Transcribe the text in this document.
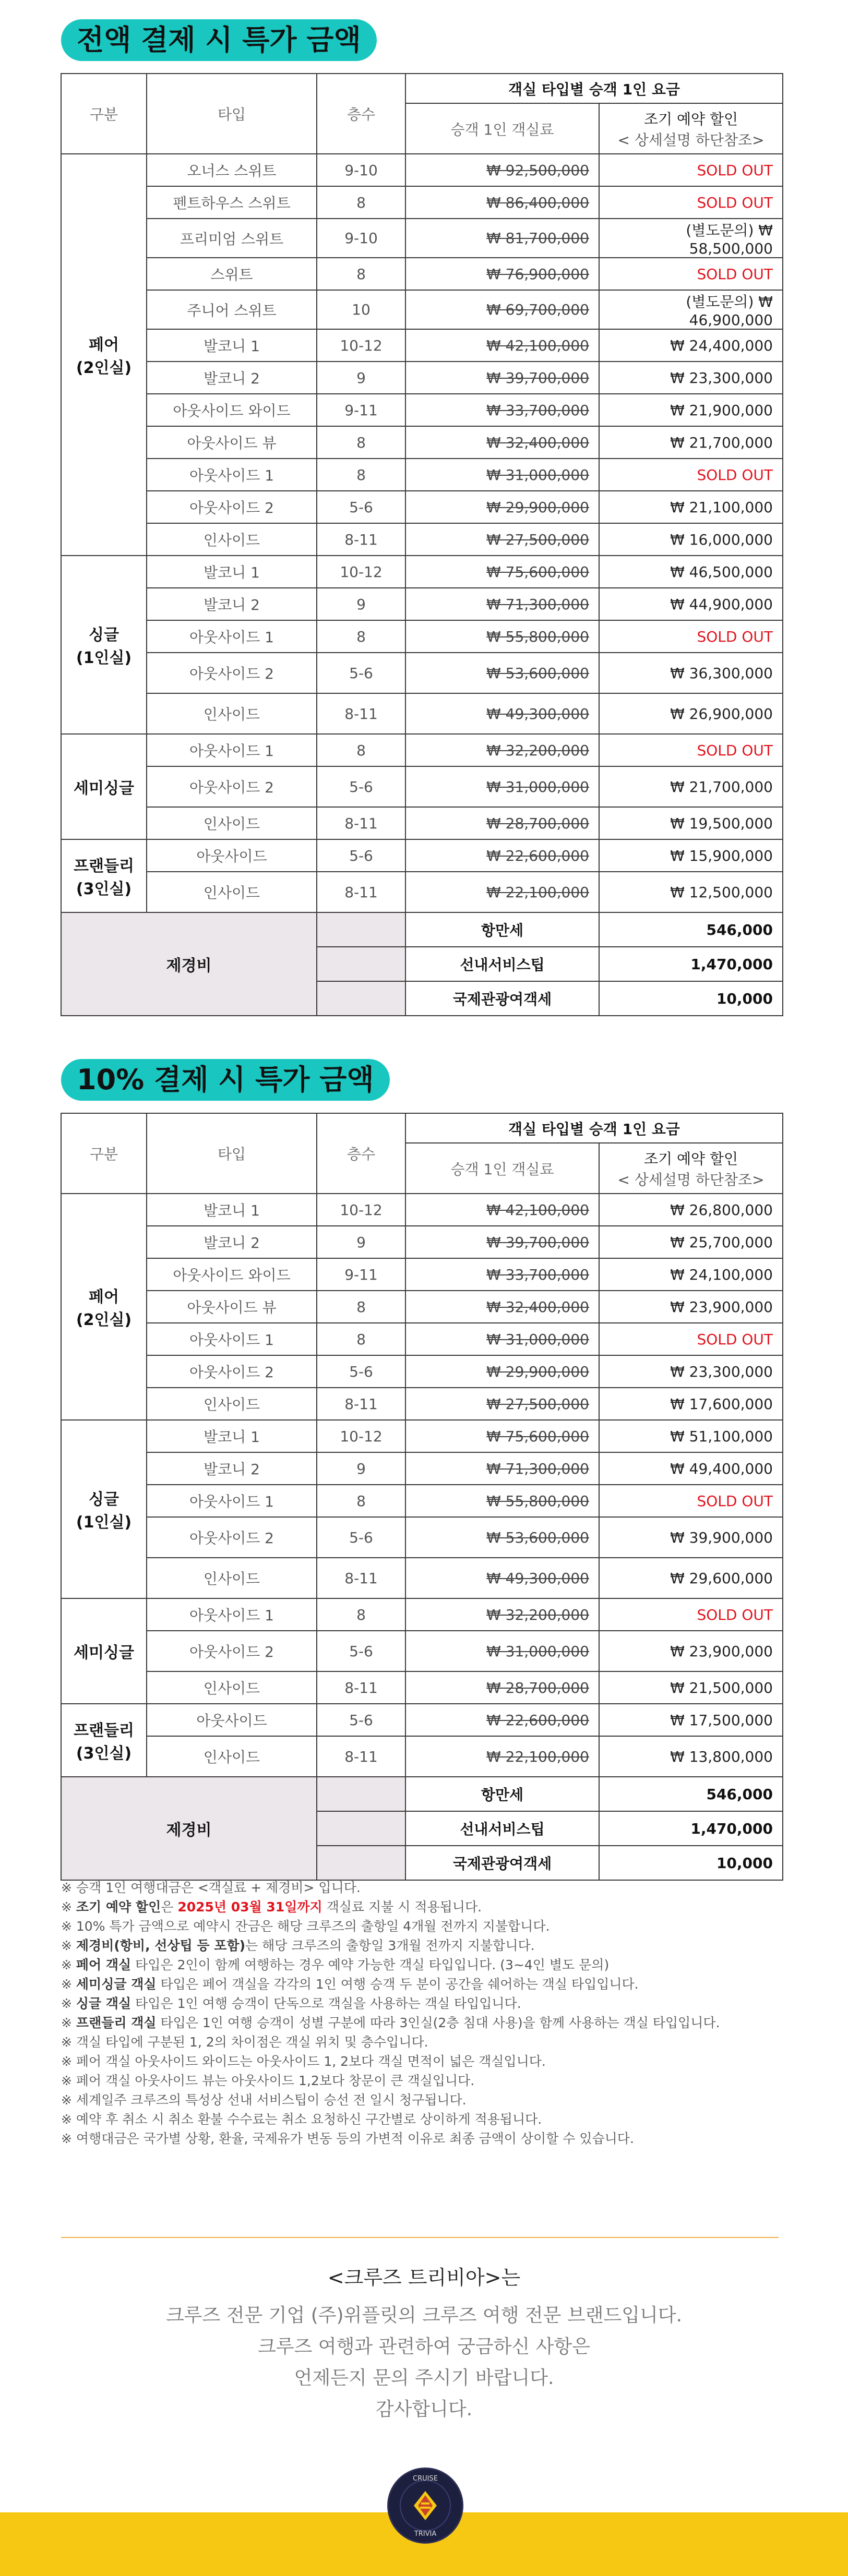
전액 결제 시 특가 금액
구분	타입	층수	객실 타입별 승객 1인 요금	
			승객 1인 객실료	조기 예약 할인
< 상세설명 하단참조>

페어
(2인실)	오너스 스위트	9-10	₩ 92,500,000	SOLD OUT
	펜트하우스 스위트	8	₩ 86,400,000	SOLD OUT
	프리미엄 스위트	9-10	₩ 81,700,000	(별도문의) ₩ 58,500,000
	스위트	8	₩ 76,900,000	SOLD OUT
	주니어 스위트	10	₩ 69,700,000	(별도문의) ₩ 46,900,000
	발코니 1	10-12	₩ 42,100,000	₩ 24,400,000
	발코니 2	9	₩ 39,700,000	₩ 23,300,000
	아웃사이드 와이드	9-11	₩ 33,700,000	₩ 21,900,000
	아웃사이드 뷰	8	₩ 32,400,000	₩ 21,700,000
	아웃사이드 1	8	₩ 31,000,000	SOLD OUT
	아웃사이드 2	5-6	₩ 29,900,000	₩ 21,100,000
	인사이드	8-11	₩ 27,500,000	₩ 16,000,000
싱글
(1인실)	발코니 1	10-12	₩ 75,600,000	₩ 46,500,000
	발코니 2	9	₩ 71,300,000	₩ 44,900,000
	아웃사이드 1	8	₩ 55,800,000	SOLD OUT
	아웃사이드 2	5-6	₩ 53,600,000	₩ 36,300,000
	인사이드	8-11	₩ 49,300,000	₩ 26,900,000
세미싱글	아웃사이드 1	8	₩ 32,200,000	SOLD OUT
	아웃사이드 2	5-6	₩ 31,000,000	₩ 21,700,000
	인사이드	8-11	₩ 28,700,000	₩ 19,500,000
프랜들리
(3인실)	아웃사이드	5-6	₩ 22,600,000	₩ 15,900,000
	인사이드	8-11	₩ 22,100,000	₩ 12,500,000
제경비			항만세	546,000
			선내서비스팁	1,470,000
			국제관광여객세	10,000
10% 결제 시 특가 금액
구분	타입	층수	객실 타입별 승객 1인 요금	
			승객 1인 객실료	조기 예약 할인
< 상세설명 하단참조>

페어
(2인실)	발코니 1	10-12	₩ 42,100,000	₩ 26,800,000
	발코니 2	9	₩ 39,700,000	₩ 25,700,000
	아웃사이드 와이드	9-11	₩ 33,700,000	₩ 24,100,000
	아웃사이드 뷰	8	₩ 32,400,000	₩ 23,900,000
	아웃사이드 1	8	₩ 31,000,000	SOLD OUT
	아웃사이드 2	5-6	₩ 29,900,000	₩ 23,300,000
	인사이드	8-11	₩ 27,500,000	₩ 17,600,000
싱글
(1인실)	발코니 1	10-12	₩ 75,600,000	₩ 51,100,000
	발코니 2	9	₩ 71,300,000	₩ 49,400,000
	아웃사이드 1	8	₩ 55,800,000	SOLD OUT
	아웃사이드 2	5-6	₩ 53,600,000	₩ 39,900,000
	인사이드	8-11	₩ 49,300,000	₩ 29,600,000
세미싱글	아웃사이드 1	8	₩ 32,200,000	SOLD OUT
	아웃사이드 2	5-6	₩ 31,000,000	₩ 23,900,000
	인사이드	8-11	₩ 28,700,000	₩ 21,500,000
프랜들리
(3인실)	아웃사이드	5-6	₩ 22,600,000	₩ 17,500,000
	인사이드	8-11	₩ 22,100,000	₩ 13,800,000
제경비			항만세	546,000
			선내서비스팁	1,470,000
			국제관광여객세	10,000
※ 승객 1인 여행대금은 <객실료 + 제경비> 입니다.
※ 조기 예약 할인은 2025년 03월 31일까지 객실료 지불 시 적용됩니다.
※ 10% 특가 금액으로 예약시 잔금은 해당 크루즈의 출항일 4개월 전까지 지불합니다.
※ 제경비(항비, 선상팁 등 포함)는 해당 크루즈의 출항일 3개월 전까지 지불합니다.
※ 페어 객실 타입은 2인이 함께 여행하는 경우 예약 가능한 객실 타입입니다. (3~4인 별도 문의)
※ 세미싱글 객실 타입은 페어 객실을 각각의 1인 여행 승객 두 분이 공간을 쉐어하는 객실 타입입니다.
※ 싱글 객실 타입은 1인 여행 승객이 단독으로 객실을 사용하는 객실 타입입니다.
※ 프랜들리 객실 타입은 1인 여행 승객이 성별 구분에 따라 3인실(2층 침대 사용)을 함께 사용하는 객실 타입입니다.
※ 객실 타입에 구분된 1, 2의 차이점은 객실 위치 및 층수입니다.
※ 페어 객실 아웃사이드 와이드는 아웃사이드 1, 2보다 객실 면적이 넓은 객실입니다.
※ 페어 객실 아웃사이드 뷰는 아웃사이드 1,2보다 창문이 큰 객실입니다.
※ 세계일주 크루즈의 특성상 선내 서비스팁이 승선 전 일시 청구됩니다.
※ 예약 후 취소 시 취소 환불 수수료는 취소 요청하신 구간별로 상이하게 적용됩니다.
※ 여행대금은 국가별 상황, 환율, 국제유가 변동 등의 가변적 이유로 최종 금액이 상이할 수 있습니다.
<크루즈 트리비아>는
크루즈 전문 기업 (주)위플릿의 크루즈 여행 전문 브랜드입니다.
크루즈 여행과 관련하여 궁금하신 사항은
언제든지 문의 주시기 바랍니다.
감사합니다.
CRUISE
TRIVIA
